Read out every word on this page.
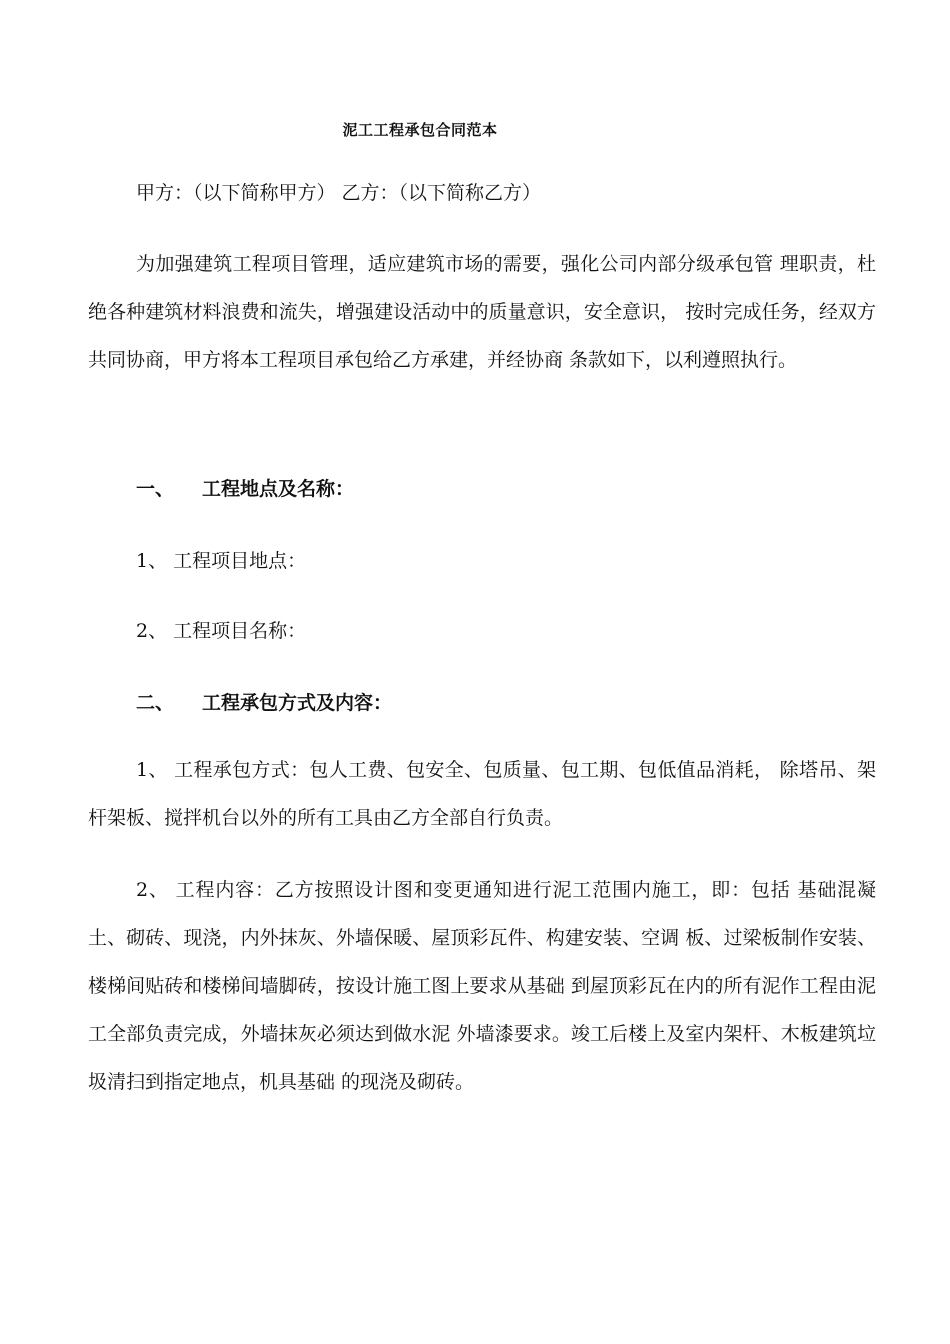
泥工工程承包合同范本
甲方：（以下简称甲方） 乙方：（以下简称乙方）
为加强建筑工程项目管理，适应建筑市场的需要，强化公司内部分级承包管 理职责，杜绝各种建筑材料浪费和流失，增强建设活动中的质量意识，安全意识， 按时完成任务，经双方共同协商，甲方将本工程项目承包给乙方承建，并经协商 条款如下，以利遵照执行。
一、 工程地点及名称：
1、 工程项目地点：
2、 工程项目名称：
二、 工程承包方式及内容：
1、 工程承包方式：包人工费、包安全、包质量、包工期、包低值品消耗， 除塔吊、架杆架板、搅拌机台以外的所有工具由乙方全部自行负责。
2、 工程内容：乙方按照设计图和变更通知进行泥工范围内施工，即：包括 基础混凝土、砌砖、现浇，内外抹灰、外墙保暖、屋顶彩瓦件、构建安装、空调 板、过梁板制作安装、楼梯间贴砖和楼梯间墙脚砖，按设计施工图上要求从基础 到屋顶彩瓦在内的所有泥作工程由泥工全部负责完成，外墙抹灰必须达到做水泥 外墙漆要求。竣工后楼上及室内架杆、木板建筑垃圾清扫到指定地点，机具基础 的现浇及砌砖。
